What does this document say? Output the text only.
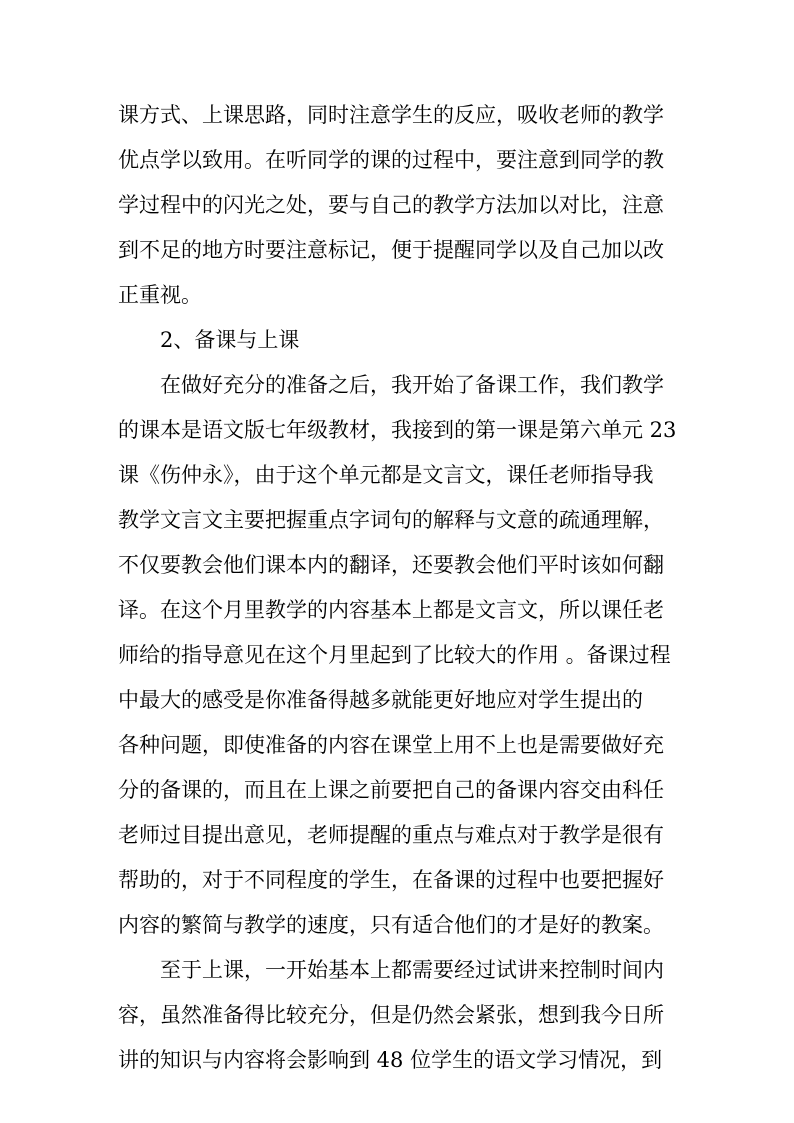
课方式、上课思路，同时注意学生的反应，吸收老师的教学
优点学以致用。在听同学的课的过程中，要注意到同学的教
学过程中的闪光之处，要与自己的教学方法加以对比，注意
到不足的地方时要注意标记，便于提醒同学以及自己加以改
正重视。
2、备课与上课
在做好充分的准备之后，我开始了备课工作，我们教学
的课本是语文版七年级教材，我接到的第一课是第六单元 23
课《伤仲永》，由于这个单元都是文言文，课任老师指导我
教学文言文主要把握重点字词句的解释与文意的疏通理解，
不仅要教会他们课本内的翻译，还要教会他们平时该如何翻
译。在这个月里教学的内容基本上都是文言文，所以课任老
师给的指导意见在这个月里起到了比较大的作用 。备课过程
中最大的感受是你准备得越多就能更好地应对学生提出的
各种问题，即使准备的内容在课堂上用不上也是需要做好充
分的备课的，而且在上课之前要把自己的备课内容交由科任
老师过目提出意见，老师提醒的重点与难点对于教学是很有
帮助的，对于不同程度的学生，在备课的过程中也要把握好
内容的繁简与教学的速度，只有适合他们的才是好的教案。
至于上课，一开始基本上都需要经过试讲来控制时间内
容，虽然准备得比较充分，但是仍然会紧张，想到我今日所
讲的知识与内容将会影响到 48 位学生的语文学习情况，到
